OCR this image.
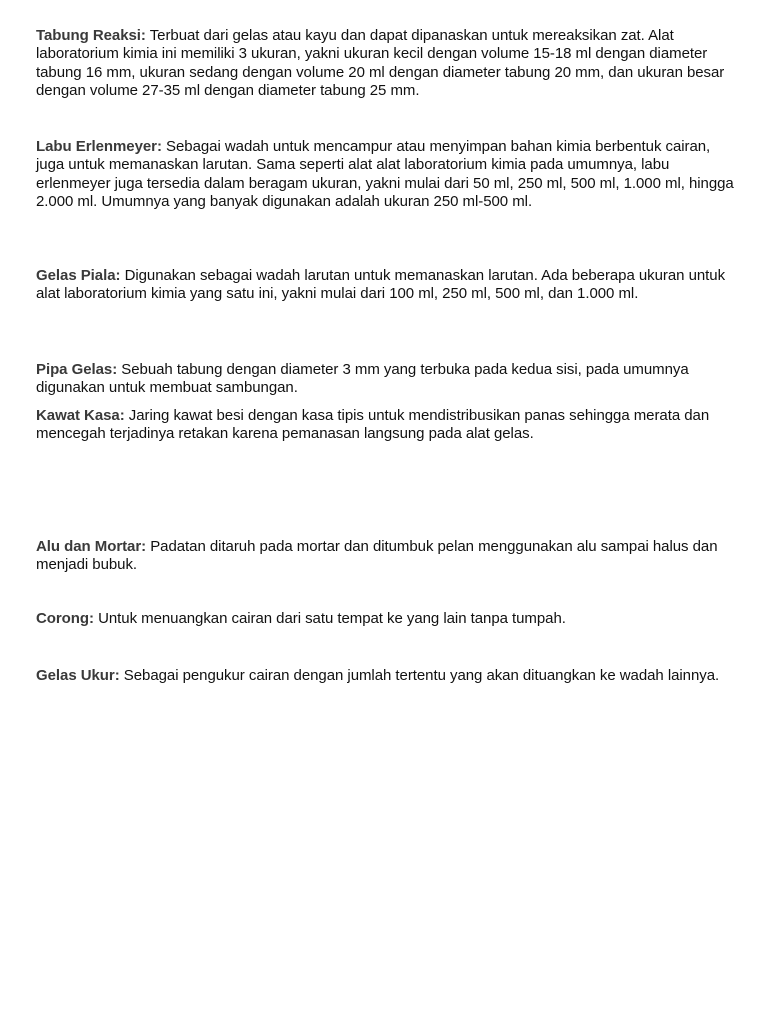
Tabung Reaksi: Terbuat dari gelas atau kayu dan dapat dipanaskan untuk mereaksikan zat. Alat laboratorium kimia ini memiliki 3 ukuran, yakni ukuran kecil dengan volume 15-18 ml dengan diameter tabung 16 mm, ukuran sedang dengan volume 20 ml dengan diameter tabung 20 mm, dan ukuran besar dengan volume 27-35 ml dengan diameter tabung 25 mm.

Labu Erlenmeyer: Sebagai wadah untuk mencampur atau menyimpan bahan kimia berbentuk cairan, juga untuk memanaskan larutan. Sama seperti alat alat laboratorium kimia pada umumnya, labu erlenmeyer juga tersedia dalam beragam ukuran, yakni mulai dari 50 ml, 250 ml, 500 ml, 1.000 ml, hingga 2.000 ml. Umumnya yang banyak digunakan adalah ukuran 250 ml-500 ml.

Gelas Piala: Digunakan sebagai wadah larutan untuk memanaskan larutan. Ada beberapa ukuran untuk alat laboratorium kimia yang satu ini, yakni mulai dari 100 ml, 250 ml, 500 ml, dan 1.000 ml.

Pipa Gelas: Sebuah tabung dengan diameter 3 mm yang terbuka pada kedua sisi, pada umumnya digunakan untuk membuat sambungan.

Kawat Kasa: Jaring kawat besi dengan kasa tipis untuk mendistribusikan panas sehingga merata dan mencegah terjadinya retakan karena pemanasan langsung pada alat gelas.

Alu dan Mortar: Padatan ditaruh pada mortar dan ditumbuk pelan menggunakan alu sampai halus dan menjadi bubuk.

Corong: Untuk menuangkan cairan dari satu tempat ke yang lain tanpa tumpah.

Gelas Ukur: Sebagai pengukur cairan dengan jumlah tertentu yang akan dituangkan ke wadah lainnya.
